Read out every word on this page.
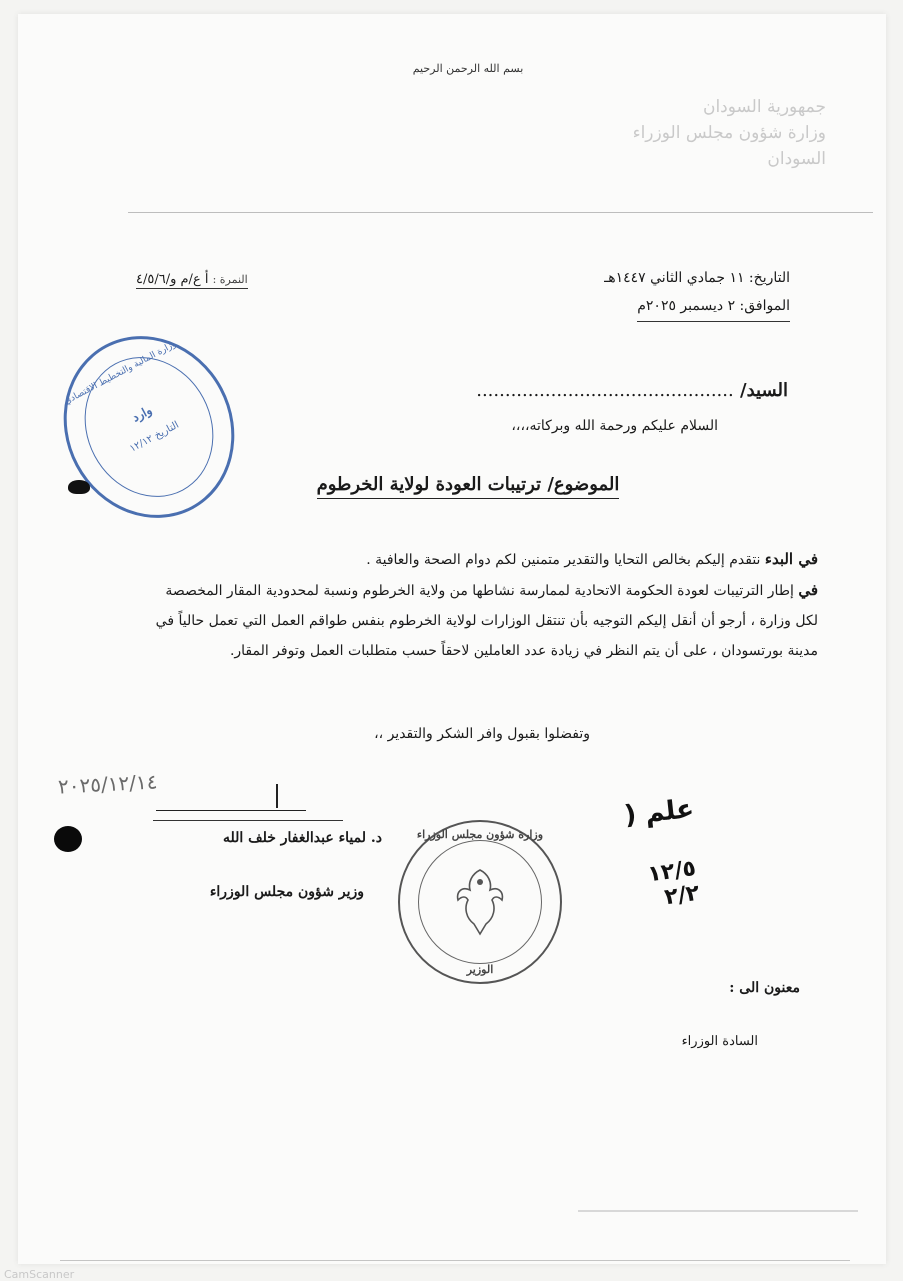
بسم الله الرحمن الرحيم
جمهورية السودان
وزارة شؤون مجلس الوزراء
السودان
التاريخ: ١١ جمادي الثاني ١٤٤٧هـ
الموافق: ٢ ديسمبر ٢٠٢٥م
النمرة : أ ع/م و/٤/٥/٦
وزارة المالية والتخطيط الاقتصادي
وارد
التاريخ ١٢/١٢
السيد/ .............................................
السلام عليكم ورحمة الله وبركاته،،،،
الموضوع/ ترتيبات العودة لولاية الخرطوم
في البدء نتقدم إليكم بخالص التحايا والتقدير متمنين لكم دوام الصحة والعافية .
في إطار الترتيبات لعودة الحكومة الاتحادية لممارسة نشاطها من ولاية الخرطوم ونسبة لمحدودية المقار المخصصة لكل وزارة ، أرجو أن أنقل إليكم التوجيه بأن تنتقل الوزارات لولاية الخرطوم بنفس طواقم العمل التي تعمل حالياً في مدينة بورتسودان ، على أن يتم النظر في زيادة عدد العاملين لاحقاً حسب متطلبات العمل وتوفر المقار.
وتفضلوا بقبول وافر الشكر والتقدير ،،
٢٠٢٥/١٢/١٤
د. لمياء عبدالغفار خلف الله
وزير شؤون مجلس الوزراء
وزارة شؤون مجلس الوزراء
الوزير
علم (
١٢/٥ ٢/٢
معنون الى :
السادة الوزراء
CamScanner
